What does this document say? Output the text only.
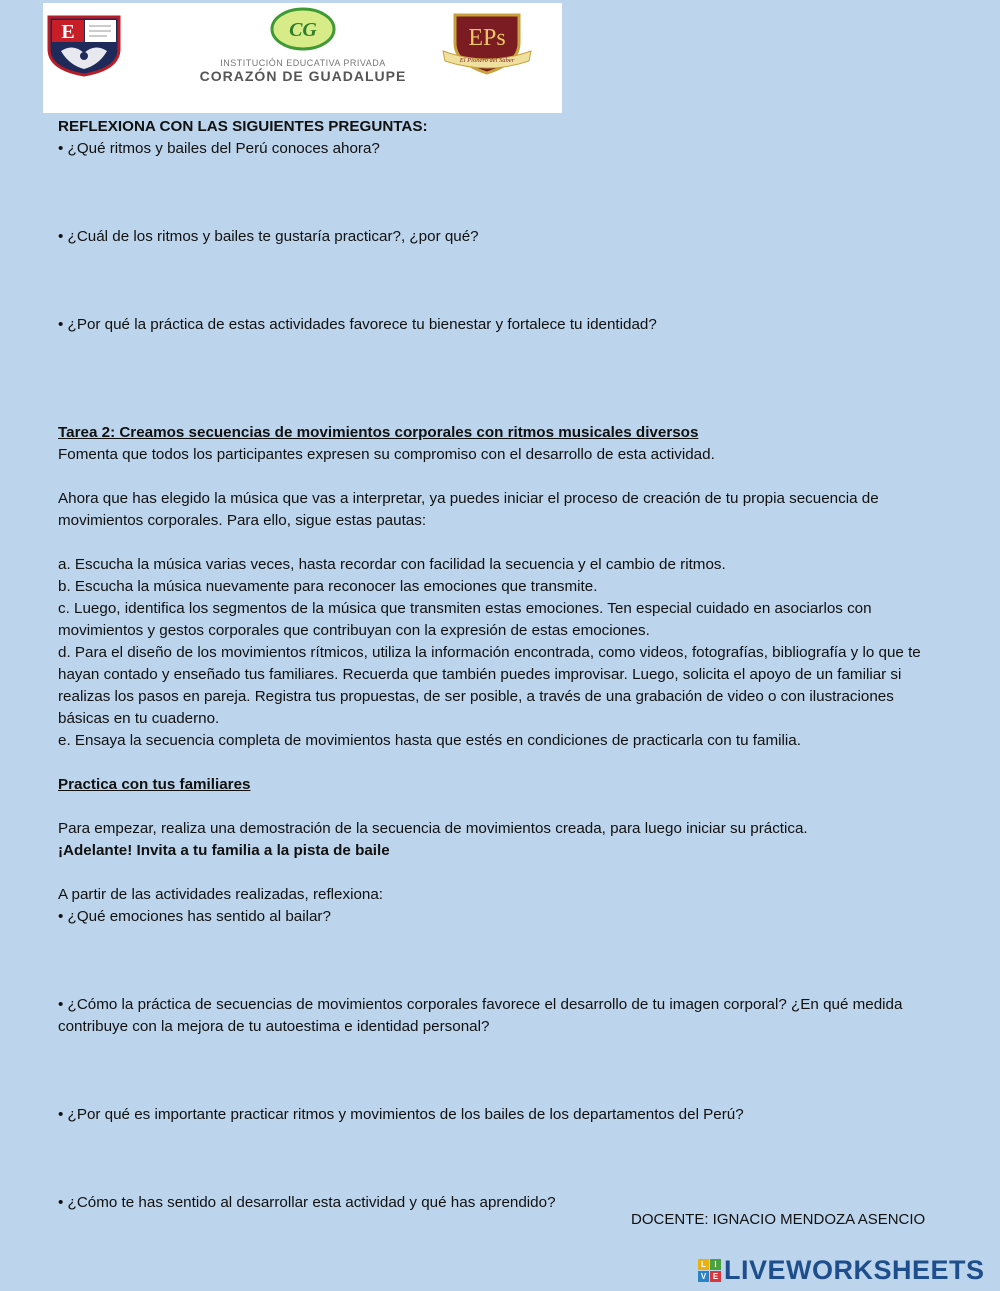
E	CG
INSTITUCIÓN EDUCATIVA PRIVADA
CORAZÓN DE GUADALUPE
EPs
El Pionero del Saber

REFLEXIONA CON LAS SIGUIENTES PREGUNTAS:

• ¿Qué ritmos y bailes del Perú conoces ahora?

• ¿Cuál de los ritmos y bailes te gustaría practicar?, ¿por qué?

• ¿Por qué la práctica de estas actividades favorece tu bienestar y fortalece tu identidad?

Tarea 2: Creamos secuencias de movimientos corporales con ritmos musicales diversos

Fomenta que todos los participantes expresen su compromiso con el desarrollo de esta actividad.

Ahora que has elegido la música que vas a interpretar, ya puedes iniciar el proceso de creación de tu propia secuencia de movimientos corporales. Para ello, sigue estas pautas:

a. Escucha la música varias veces, hasta recordar con facilidad la secuencia y el cambio de ritmos.

b. Escucha la música nuevamente para reconocer las emociones que transmite.

c. Luego, identifica los segmentos de la música que transmiten estas emociones. Ten especial cuidado en asociarlos con movimientos y gestos corporales que contribuyan con la expresión de estas emociones.

d. Para el diseño de los movimientos rítmicos, utiliza la información encontrada, como videos, fotografías, bibliografía y lo que te hayan contado y enseñado tus familiares. Recuerda que también puedes improvisar. Luego, solicita el apoyo de un familiar si realizas los pasos en pareja. Registra tus propuestas, de ser posible, a través de una grabación de video o con ilustraciones básicas en tu cuaderno.

e. Ensaya la secuencia completa de movimientos hasta que estés en condiciones de practicarla con tu familia.

Practica con tus familiares

Para empezar, realiza una demostración de la secuencia de movimientos creada, para luego iniciar su práctica.

¡Adelante! Invita a tu familia a la pista de baile

A partir de las actividades realizadas, reflexiona:

• ¿Qué emociones has sentido al bailar?

• ¿Cómo la práctica de secuencias de movimientos corporales favorece el desarrollo de tu imagen corporal? ¿En qué medida contribuye con la mejora de tu autoestima e identidad personal?

• ¿Por qué es importante practicar ritmos y movimientos de los bailes de los departamentos del Perú?

• ¿Cómo te has sentido al desarrollar esta actividad y qué has aprendido?

DOCENTE: IGNACIO MENDOZA ASENCIO
L	I
V E LIVEWORKSHEETS
